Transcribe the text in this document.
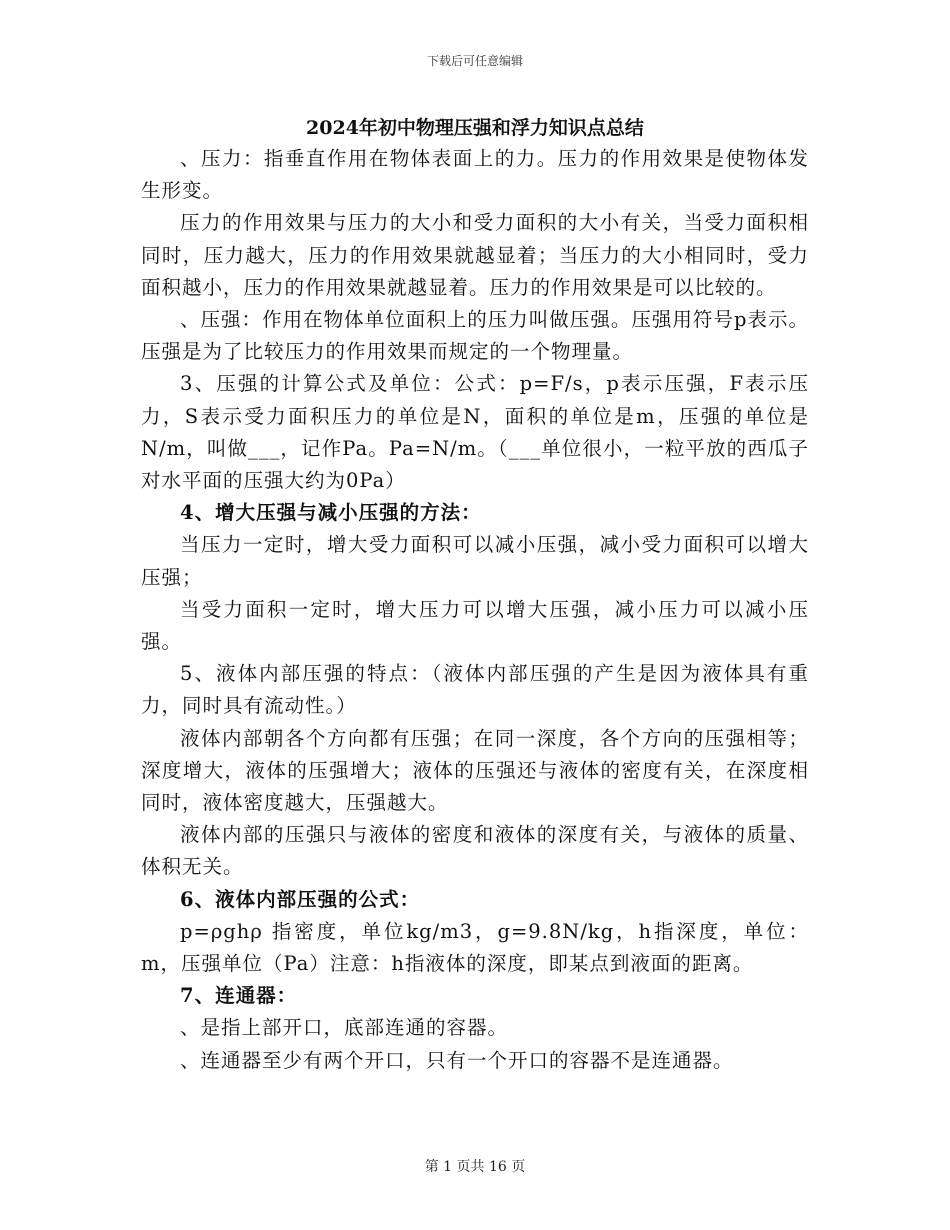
下载后可任意编辑
2024年初中物理压强和浮力知识点总结

、压力：指垂直作用在物体表面上的力。压力的作用效果是使物体发生形变。

压力的作用效果与压力的大小和受力面积的大小有关，当受力面积相同时，压力越大，压力的作用效果就越显着；当压力的大小相同时，受力面积越小，压力的作用效果就越显着。压力的作用效果是可以比较的。

、压强：作用在物体单位面积上的压力叫做压强。压强用符号p表示。压强是为了比较压力的作用效果而规定的一个物理量。

3、压强的计算公式及单位：公式：p=F/s，p表示压强，F表示压力，S表示受力面积压力的单位是N，面积的单位是m，压强的单位是N/m，叫做___，记作Pa。Pa=N/m。（___单位很小，一粒平放的西瓜子对水平面的压强大约为0Pa）

4、增大压强与减小压强的方法：

当压力一定时，增大受力面积可以减小压强，减小受力面积可以增大压强；

当受力面积一定时，增大压力可以增大压强，减小压力可以减小压强。

5、液体内部压强的特点：（液体内部压强的产生是因为液体具有重力，同时具有流动性。）

液体内部朝各个方向都有压强；在同一深度，各个方向的压强相等；深度增大，液体的压强增大；液体的压强还与液体的密度有关，在深度相同时，液体密度越大，压强越大。

液体内部的压强只与液体的密度和液体的深度有关，与液体的质量、体积无关。

6、液体内部压强的公式：

p=ρghρ 指密度，单位kg/m3，g=9.8N/kg，h指深度，单位：m，压强单位（Pa）注意：h指液体的深度，即某点到液面的距离。

7、连通器：

、是指上部开口，底部连通的容器。

、连通器至少有两个开口，只有一个开口的容器不是连通器。

第 1 页共 16 页
